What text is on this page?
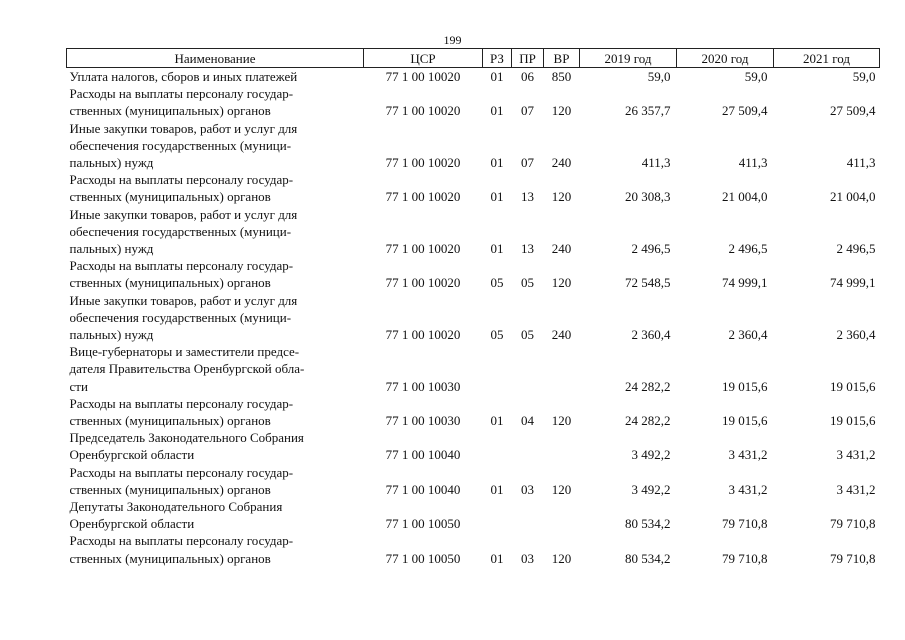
199
Наименование	ЦСР	РЗ	ПР	ВР	2019 год	2020 год	2021 год

Уплата налогов, сборов и иных платежей	77 1 00 10020	01	06	850	59,0	59,0	59,0

Расходы на выплаты персоналу государ-
ственных (муниципальных) органов	77 1 00 10020	01	07	120	26 357,7	27 509,4	27 509,4

Иные закупки товаров, работ и услуг для
обеспечения государственных (муници-
пальных) нужд	77 1 00 10020	01	07	240	411,3	411,3	411,3

Расходы на выплаты персоналу государ-
ственных (муниципальных) органов	77 1 00 10020	01	13	120	20 308,3	21 004,0	21 004,0

Иные закупки товаров, работ и услуг для
обеспечения государственных (муници-
пальных) нужд	77 1 00 10020	01	13	240	2 496,5	2 496,5	2 496,5

Расходы на выплаты персоналу государ-
ственных (муниципальных) органов	77 1 00 10020	05	05	120	72 548,5	74 999,1	74 999,1

Иные закупки товаров, работ и услуг для
обеспечения государственных (муници-
пальных) нужд	77 1 00 10020	05	05	240	2 360,4	2 360,4	2 360,4

Вице-губернаторы и заместители предсе-
дателя Правительства Оренбургской обла-
сти	77 1 00 10030				24 282,2	19 015,6	19 015,6

Расходы на выплаты персоналу государ-
ственных (муниципальных) органов	77 1 00 10030	01	04	120	24 282,2	19 015,6	19 015,6

Председатель Законодательного Собрания
Оренбургской области	77 1 00 10040				3 492,2	3 431,2	3 431,2

Расходы на выплаты персоналу государ-
ственных (муниципальных) органов	77 1 00 10040	01	03	120	3 492,2	3 431,2	3 431,2

Депутаты Законодательного Собрания
Оренбургской области	77 1 00 10050				80 534,2	79 710,8	79 710,8

Расходы на выплаты персоналу государ-
ственных (муниципальных) органов	77 1 00 10050	01	03	120	80 534,2	79 710,8	79 710,8
